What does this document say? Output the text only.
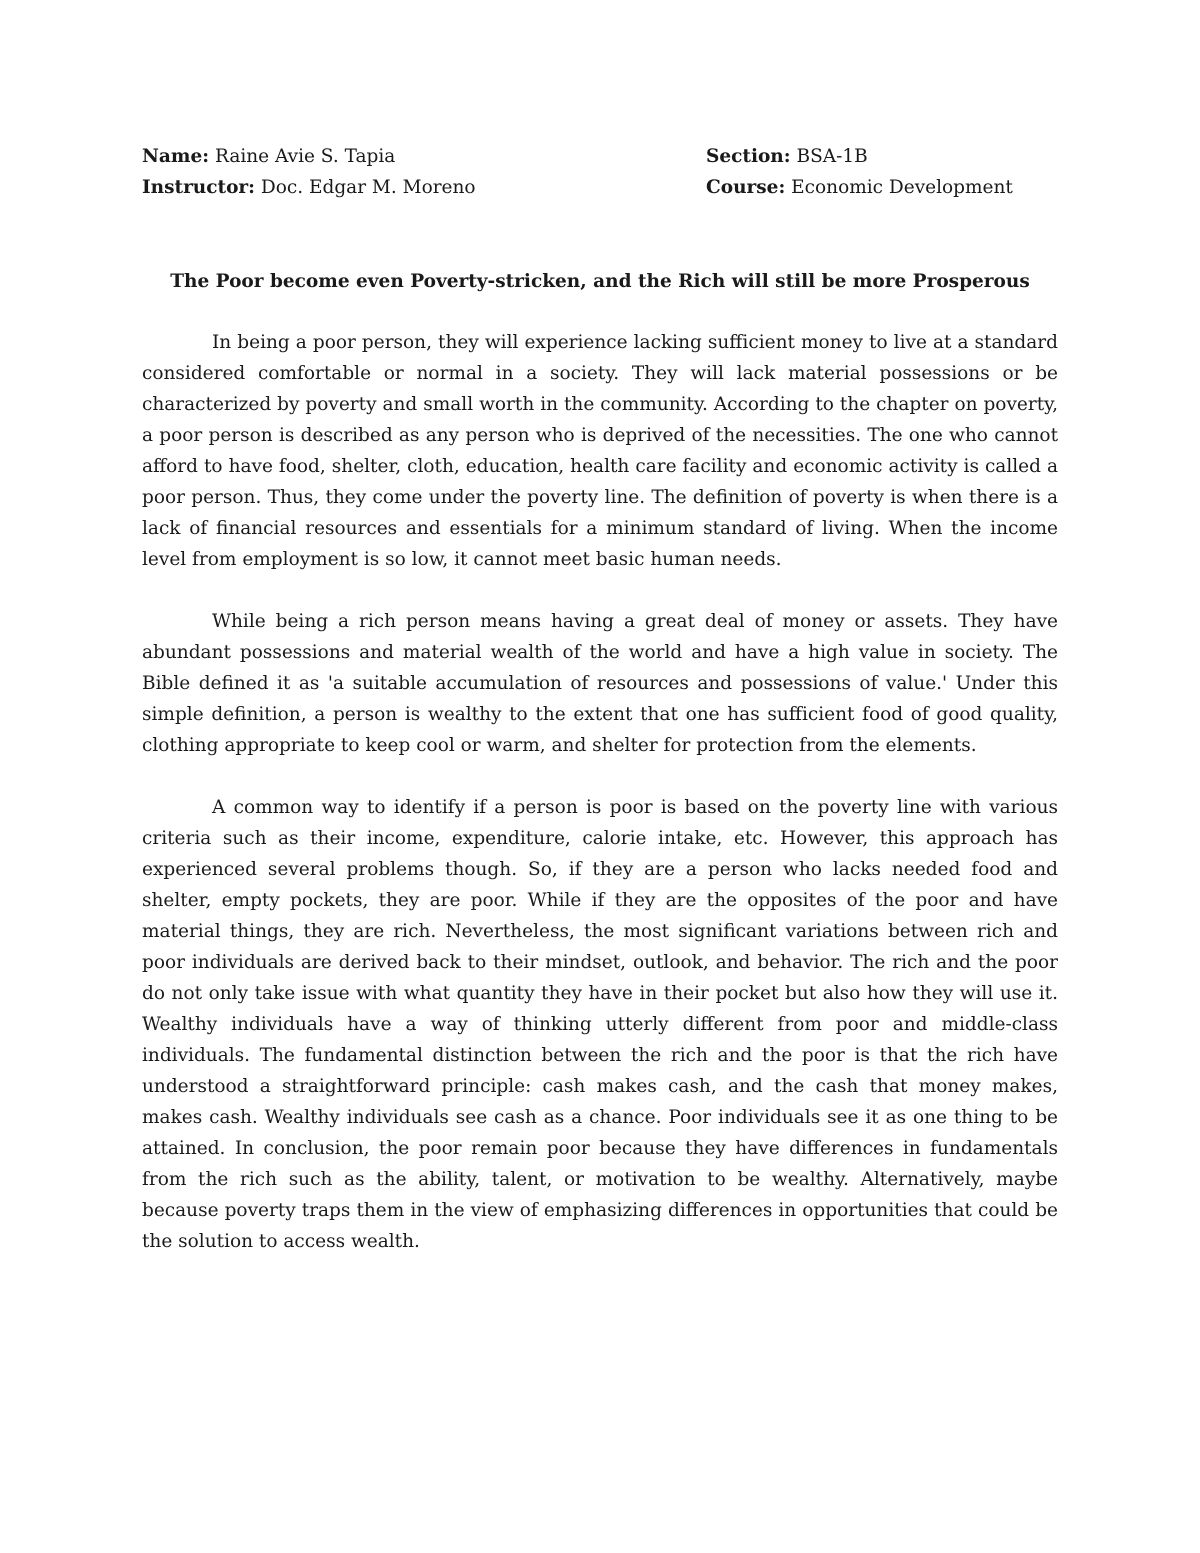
Name: Raine Avie S. Tapia	Section: BSA-1B
Instructor: Doc. Edgar M. Moreno	Course: Economic Development
The Poor become even Poverty-stricken, and the Rich will still be more Prosperous

In being a poor person, they will experience lacking sufficient money to live at a standard considered comfortable or normal in a society. They will lack material possessions or be characterized by poverty and small worth in the community. According to the chapter on poverty, a poor person is described as any person who is deprived of the necessities. The one who cannot afford to have food, shelter, cloth, education, health care facility and economic activity is called a poor person. Thus, they come under the poverty line. The definition of poverty is when there is a lack of financial resources and essentials for a minimum standard of living. When the income level from employment is so low, it cannot meet basic human needs.

While being a rich person means having a great deal of money or assets. They have abundant possessions and material wealth of the world and have a high value in society. The Bible defined it as 'a suitable accumulation of resources and possessions of value.' Under this simple definition, a person is wealthy to the extent that one has sufficient food of good quality, clothing appropriate to keep cool or warm, and shelter for protection from the elements.

A common way to identify if a person is poor is based on the poverty line with various criteria such as their income, expenditure, calorie intake, etc. However, this approach has experienced several problems though. So, if they are a person who lacks needed food and shelter, empty pockets, they are poor. While if they are the opposites of the poor and have material things, they are rich. Nevertheless, the most significant variations between rich and poor individuals are derived back to their mindset, outlook, and behavior. The rich and the poor do not only take issue with what quantity they have in their pocket but also how they will use it. Wealthy individuals have a way of thinking utterly different from poor and middle-class individuals. The fundamental distinction between the rich and the poor is that the rich have understood a straightforward principle: cash makes cash, and the cash that money makes, makes cash. Wealthy individuals see cash as a chance. Poor individuals see it as one thing to be attained. In conclusion, the poor remain poor because they have differences in fundamentals from the rich such as the ability, talent, or motivation to be wealthy. Alternatively, maybe because poverty traps them in the view of emphasizing differences in opportunities that could be the solution to access wealth.
